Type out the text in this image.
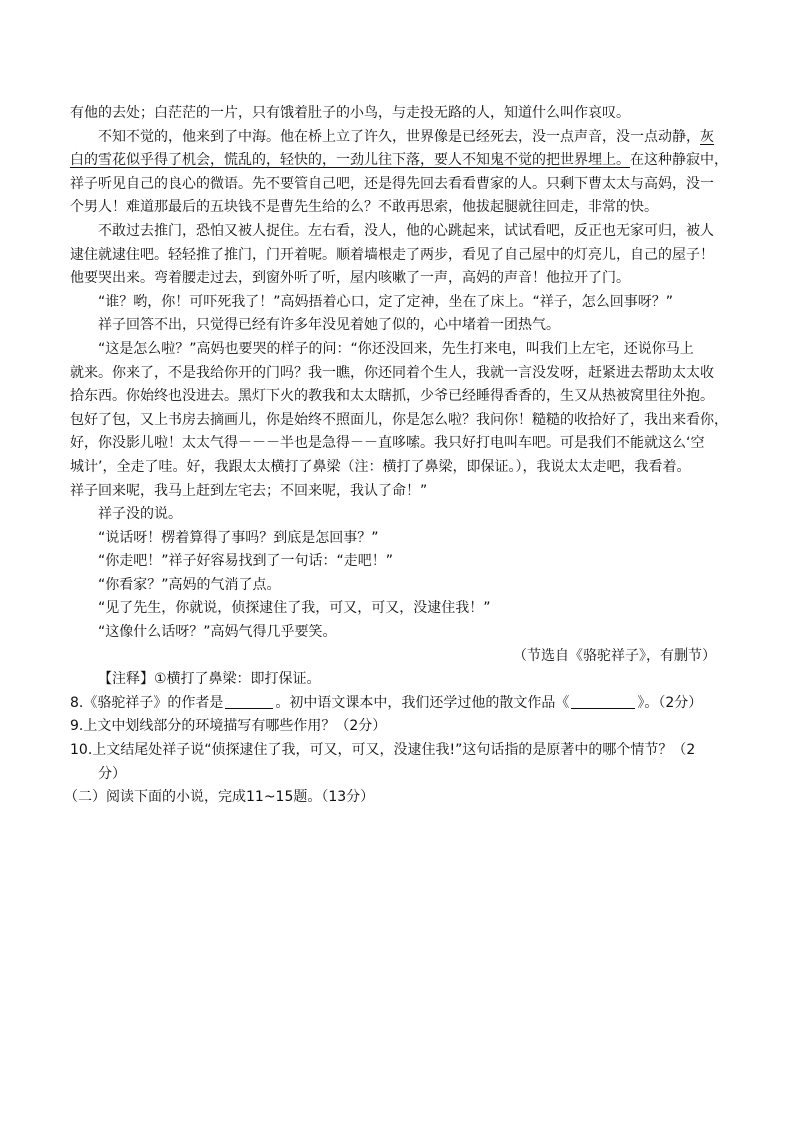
有他的去处；白茫茫的一片，只有饿着肚子的小鸟，与走投无路的人，知道什么叫作哀叹。
不知不觉的，他来到了中海。他在桥上立了许久，世界像是已经死去，没一点声音，没一点动静，灰
白的雪花似乎得了机会，慌乱的，轻快的，一劲儿往下落，要人不知鬼不觉的把世界埋上。在这种静寂中，
祥子听见自己的良心的微语。先不要管自己吧，还是得先回去看看曹家的人。只剩下曹太太与高妈，没一
个男人！难道那最后的五块钱不是曹先生给的么？不敢再思索，他拔起腿就往回走，非常的快。
不敢过去推门，恐怕又被人捉住。左右看，没人，他的心跳起来，试试看吧，反正也无家可归，被人
逮住就逮住吧。轻轻推了推门，门开着呢。顺着墙根走了两步，看见了自己屋中的灯亮儿，自己的屋子！
他要哭出来。弯着腰走过去，到窗外听了听，屋内咳嗽了一声，高妈的声音！他拉开了门。
“谁？哟，你！可吓死我了！”高妈捂着心口，定了定神，坐在了床上。“祥子，怎么回事呀？”
祥子回答不出，只觉得已经有许多年没见着她了似的，心中堵着一团热气。
“这是怎么啦？”高妈也要哭的样子的问：“你还没回来，先生打来电，叫我们上左宅，还说你马上
就来。你来了，不是我给你开的门吗？我一瞧，你还同着个生人，我就一言没发呀，赶紧进去帮助太太收
拾东西。你始终也没进去。黑灯下火的教我和太太瞎抓，少爷已经睡得香香的，生又从热被窝里往外抱。
包好了包，又上书房去摘画儿，你是始终不照面儿，你是怎么啦？我问你！糙糙的收拾好了，我出来看你，
好，你没影儿啦！太太气得－－－半也是急得－－直哆嗦。我只好打电叫车吧。可是我们不能就这么‘空
城计’，全走了哇。好，我跟太太横打了鼻梁（注：横打了鼻梁，即保证。），我说太太走吧，我看着。
祥子回来呢，我马上赶到左宅去；不回来呢，我认了命！”
祥子没的说。
“说话呀！楞着算得了事吗？到底是怎回事？”
“你走吧！”祥子好容易找到了一句话：“走吧！”
“你看家？”高妈的气消了点。
“见了先生，你就说，侦探逮住了我，可又，可又，没逮住我！”
“这像什么话呀？”高妈气得几乎要笑。
（节选自《骆驼祥子》，有删节）
【注释】①横打了鼻梁：即打保证。
8.《骆驼祥子》的作者是	。初中语文课本中，我们还学过他的散文作品《	》。（2分）
9.上文中划线部分的环境描写有哪些作用？（2分）
10.上文结尾处祥子说“侦探逮住了我，可又，可又，没逮住我!”这句话指的是原著中的哪个情节？（2
分）
（二）阅读下面的小说，完成11~15题。（13分）
